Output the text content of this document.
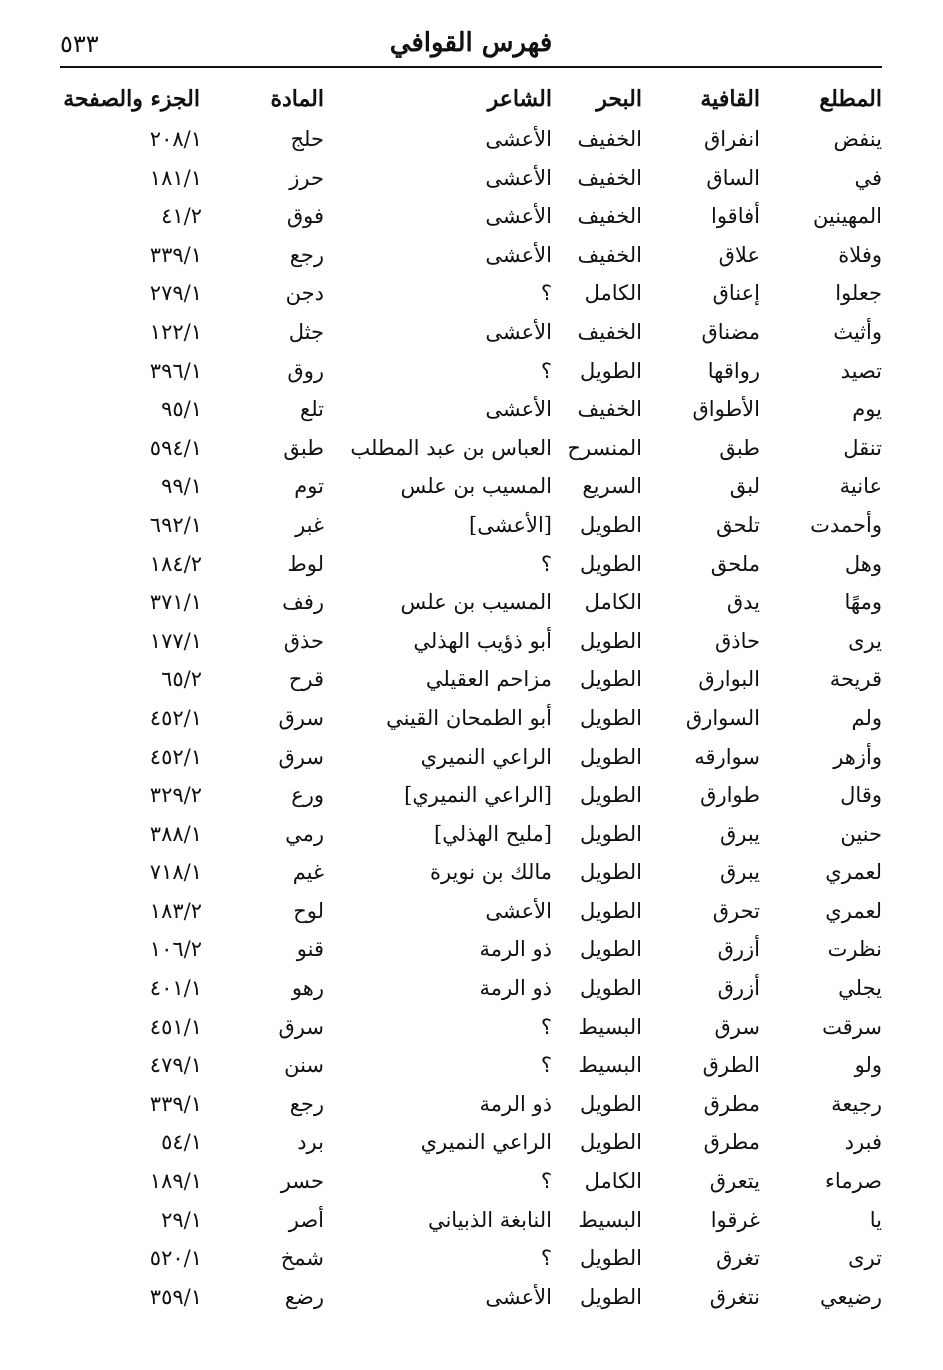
فهرس القوافي
٥٣٣
المطلع
القافية
البحر
الشاعر
المادة
الجزء والصفحة
ينفض
انفراق
الخفيف
الأعشى
حلج
٢٠٨/١
في
الساق
الخفيف
الأعشى
حرز
١٨١/١
المهينين
أفاقوا
الخفيف
الأعشى
فوق
٤١/٢
وفلاة
علاق
الخفيف
الأعشى
رجع
٣٣٩/١
جعلوا
إعناق
الكامل
؟
دجن
٢٧٩/١
وأثيث
مضناق
الخفيف
الأعشى
جثل
١٢٢/١
تصيد
رواقها
الطويل
؟
روق
٣٩٦/١
يوم
الأطواق
الخفيف
الأعشى
تلع
٩٥/١
تنقل
طبق
المنسرح
العباس بن عبد المطلب
طبق
٥٩٤/١
عانية
لبق
السريع
المسيب بن علس
توم
٩٩/١
وأحمدت
تلحق
الطويل
[الأعشى]
غبر
٦٩٢/١
وهل
ملحق
الطويل
؟
لوط
١٨٤/٢
ومهًا
يدق
الكامل
المسيب بن علس
رفف
٣٧١/١
يرى
حاذق
الطويل
أبو ذؤيب الهذلي
حذق
١٧٧/١
قريحة
البوارق
الطويل
مزاحم العقيلي
قرح
٦٥/٢
ولم
السوارق
الطويل
أبو الطمحان القيني
سرق
٤٥٢/١
وأزهر
سوارقه
الطويل
الراعي النميري
سرق
٤٥٢/١
وقال
طوارق
الطويل
[الراعي النميري]
ورع
٣٢٩/٢
حنين
يبرق
الطويل
[مليح الهذلي]
رمي
٣٨٨/١
لعمري
يبرق
الطويل
مالك بن نويرة
غيم
٧١٨/١
لعمري
تحرق
الطويل
الأعشى
لوح
١٨٣/٢
نظرت
أزرق
الطويل
ذو الرمة
قنو
١٠٦/٢
يجلي
أزرق
الطويل
ذو الرمة
رهو
٤٠١/١
سرقت
سرق
البسيط
؟
سرق
٤٥١/١
ولو
الطرق
البسيط
؟
سنن
٤٧٩/١
رجيعة
مطرق
الطويل
ذو الرمة
رجع
٣٣٩/١
فبرد
مطرق
الطويل
الراعي النميري
برد
٥٤/١
صرماء
يتعرق
الكامل
؟
حسر
١٨٩/١
يا
غرقوا
البسيط
النابغة الذبياني
أصر
٢٩/١
ترى
تغرق
الطويل
؟
شمخ
٥٢٠/١
رضيعي
نتغرق
الطويل
الأعشى
رضع
٣٥٩/١
